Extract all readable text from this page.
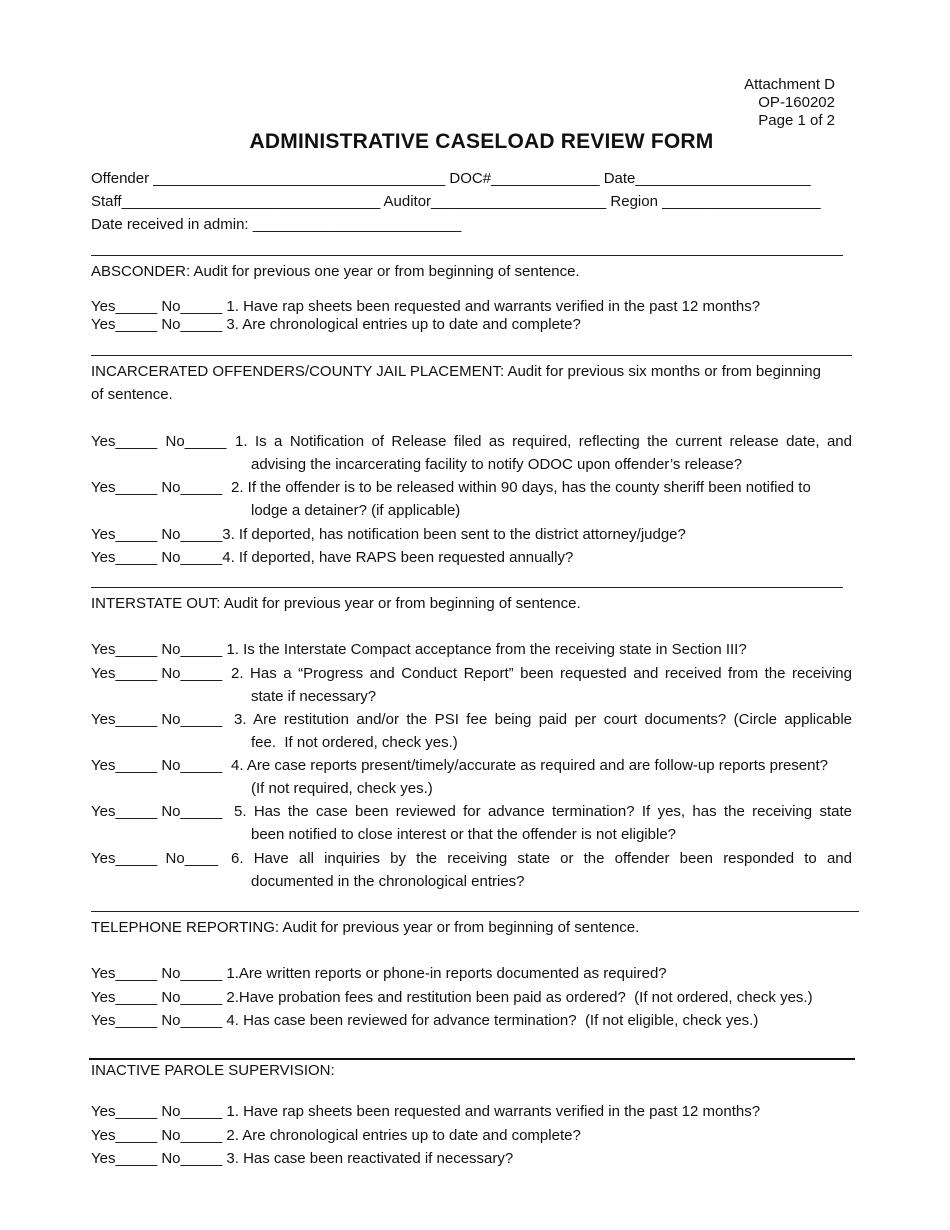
Attachment D
OP-160202
Page 1 of 2
ADMINISTRATIVE CASELOAD REVIEW FORM
Offender ___________________________________ DOC#_____________ Date_____________________
Staff_______________________________ Auditor_____________________ Region ___________________
Date received in admin: _________________________
ABSCONDER: Audit for previous one year or from beginning of sentence.
Yes_____ No_____ 1. Have rap sheets been requested and warrants verified in the past 12 months?
Yes_____ No_____ 3. Are chronological entries up to date and complete?
INCARCERATED OFFENDERS/COUNTY JAIL PLACEMENT: Audit for previous six months or from beginning
of sentence.
Yes_____  No_____ 1. Is a Notification of Release filed as required, reflecting the current release date, and
advising the incarcerating facility to notify ODOC upon offender’s release?
Yes_____ No_____ 2. If the offender is to be released within 90 days, has the county sheriff been notified to
lodge a detainer? (if applicable)
Yes_____ No_____3. If deported, has notification been sent to the district attorney/judge?
Yes_____ No_____4. If deported, have RAPS been requested annually?
INTERSTATE OUT: Audit for previous year or from beginning of sentence.
Yes_____ No_____ 1. Is the Interstate Compact acceptance from the receiving state in Section III?
Yes_____ No_____ 2. Has a “Progress and Conduct Report” been requested and received from the receiving
state if necessary?
Yes_____ No_____ 3. Are restitution and/or the PSI fee being paid per court documents? (Circle applicable
fee.  If not ordered, check yes.)
Yes_____ No_____ 4. Are case reports present/timely/accurate as required and are follow-up reports present?
(If not required, check yes.)
Yes_____ No_____ 5. Has the case been reviewed for advance termination? If yes, has the receiving state
been notified to close interest or that the offender is not eligible?
Yes_____  No____ 6. Have all inquiries by the receiving state or the offender been responded to and
documented in the chronological entries?
TELEPHONE REPORTING: Audit for previous year or from beginning of sentence.
Yes_____ No_____ 1.Are written reports or phone-in reports documented as required?
Yes_____ No_____ 2.Have probation fees and restitution been paid as ordered?  (If not ordered, check yes.)
Yes_____ No_____ 4. Has case been reviewed for advance termination?  (If not eligible, check yes.)
INACTIVE PAROLE SUPERVISION:
Yes_____ No_____ 1. Have rap sheets been requested and warrants verified in the past 12 months?
Yes_____ No_____ 2. Are chronological entries up to date and complete?
Yes_____ No_____ 3. Has case been reactivated if necessary?
